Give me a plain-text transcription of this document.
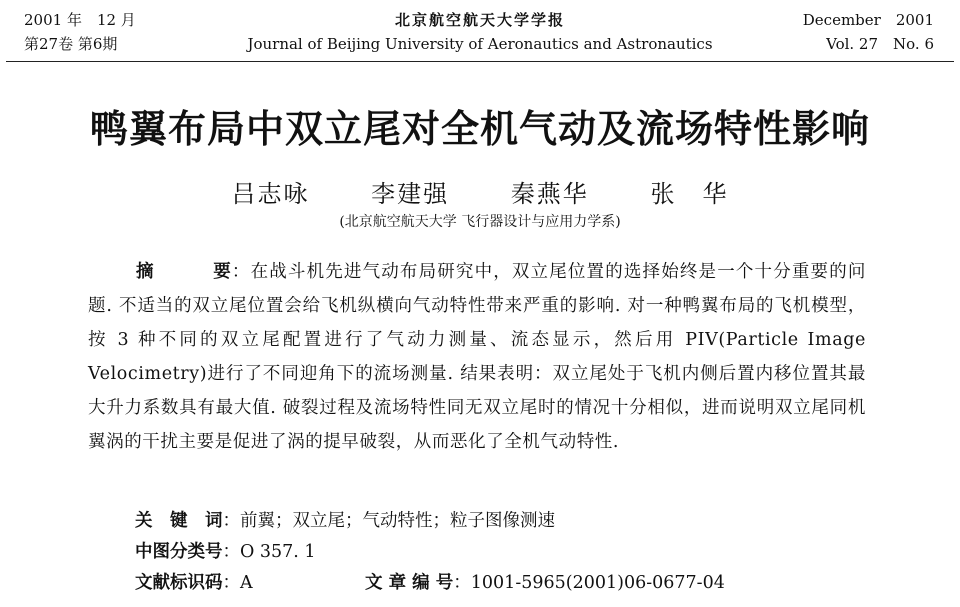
2001 年　12 月
第27卷 第6期
北京航空航天大学学报
Journal of Beijing University of Aeronautics and Astronautics
December　2001
Vol. 27　No. 6
鸭翼布局中双立尾对全机气动及流场特性影响
吕志咏	李建强	秦燕华	张　华
(北京航空航天大学 飞行器设计与应用力学系)
摘	要：在战斗机先进气动布局研究中，双立尾位置的选择始终是一个十分重要的问题. 不适当的双立尾位置会给飞机纵横向气动特性带来严重的影响. 对一种鸭翼布局的飞机模型，按 3 种不同的双立尾配置进行了气动力测量、流态显示，然后用 PIV(Particle Image Velocimetry)进行了不同迎角下的流场测量. 结果表明：双立尾处于飞机内侧后置内移位置其最大升力系数具有最大值. 破裂过程及流场特性同无双立尾时的情况十分相似，进而说明双立尾同机翼涡的干扰主要是促进了涡的提早破裂，从而恶化了全机气动特性.
关　键　词：前翼；双立尾；气动特性；粒子图像测速
中图分类号：O 357. 1
文献标识码：A	文 章 编 号：1001-5965(2001)06-0677-04
